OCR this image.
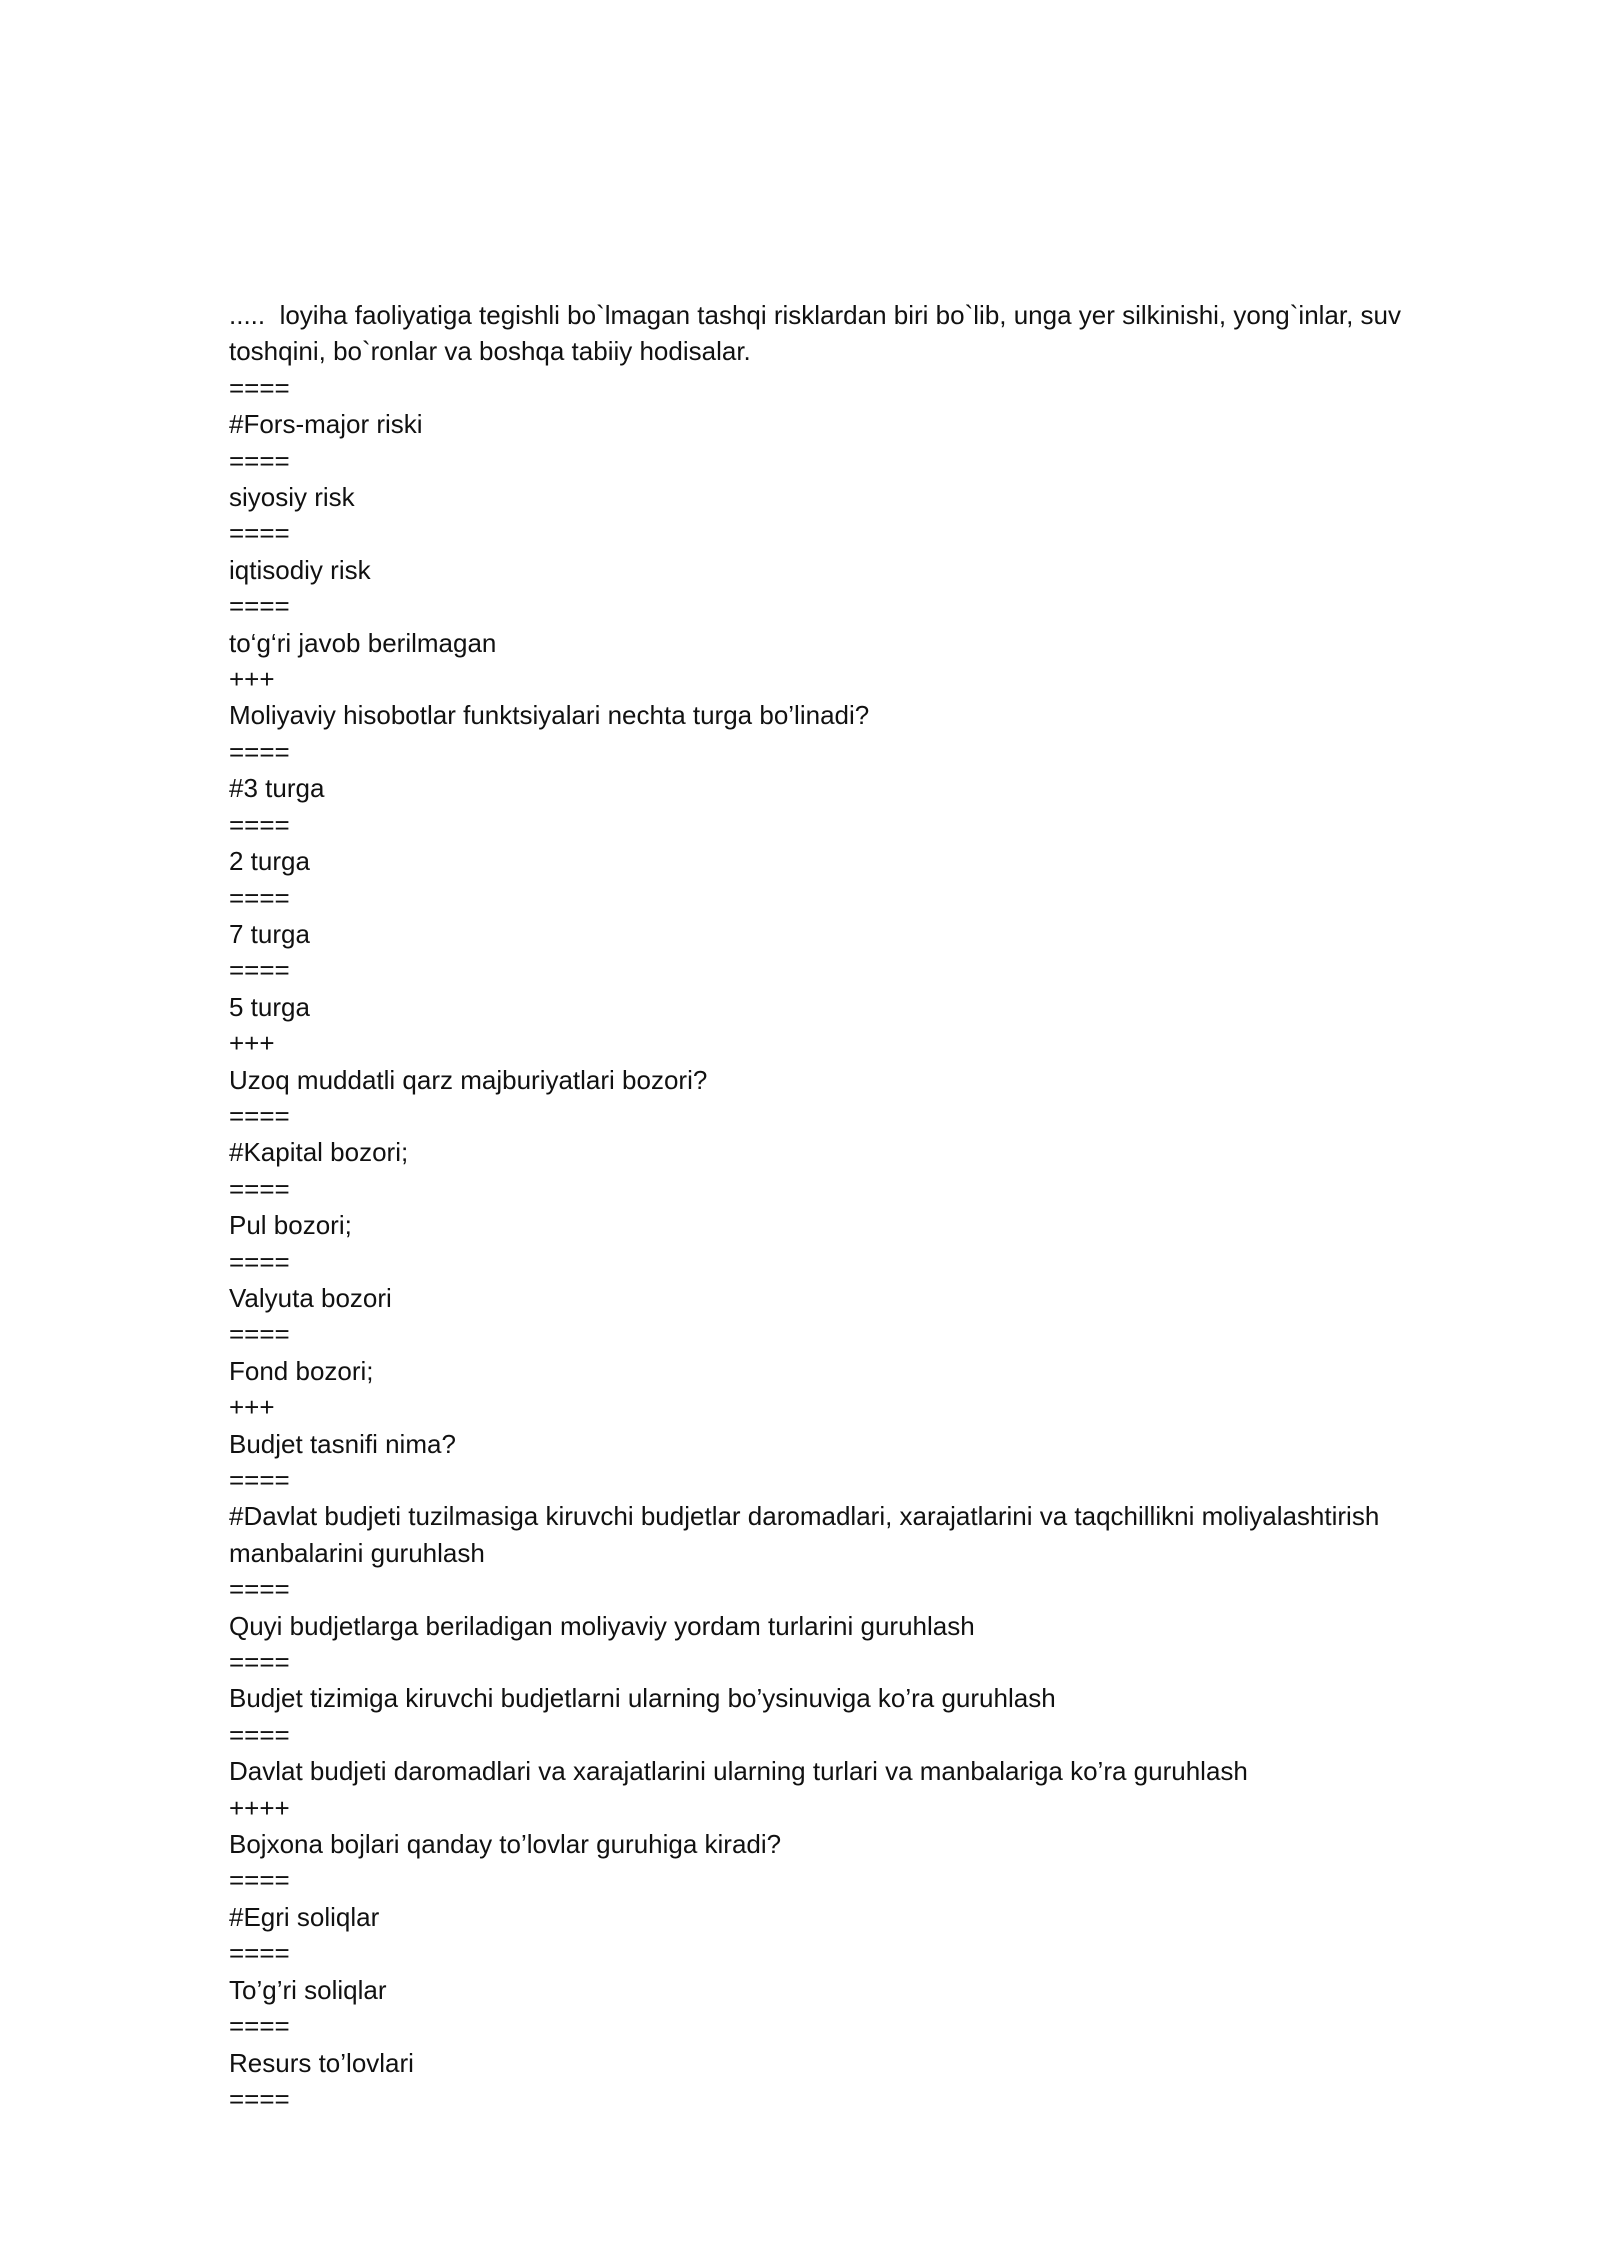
.....  loyiha faoliyatiga tegishli bo`lmagan tashqi risklardan biri bo`lib, unga yer silkinishi, yong`inlar, suv toshqini, bo`ronlar va boshqa tabiiy hodisalar.

====

#Fors-major riski

====

siyosiy risk

====

iqtisodiy risk

====

to‘g‘ri javob berilmagan

+++

Moliyaviy hisobotlar funktsiyalari nechta turga bo’linadi?

====

#3 turga

====

2 turga

====

7 turga

====

5 turga

+++

Uzoq muddatli qarz majburiyatlari bozori?

====

#Kapital bozori;

====

Pul bozori;

====

Valyuta bozori

====

Fond bozori;

+++

Budjet tasnifi nima?

====

#Davlat budjeti tuzilmasiga kiruvchi budjetlar daromadlari, xarajatlarini va taqchillikni moliyalashtirish manbalarini guruhlash

====

Quyi budjetlarga beriladigan moliyaviy yordam turlarini guruhlash

====

Budjet tizimiga kiruvchi budjetlarni ularning bo’ysinuviga ko’ra guruhlash

====

Davlat budjeti daromadlari va xarajatlarini ularning turlari va manbalariga ko’ra guruhlash

++++

Bojxona bojlari qanday to’lovlar guruhiga kiradi?

====

#Egri soliqlar

====

To’g’ri soliqlar

====

Resurs to’lovlari

====
